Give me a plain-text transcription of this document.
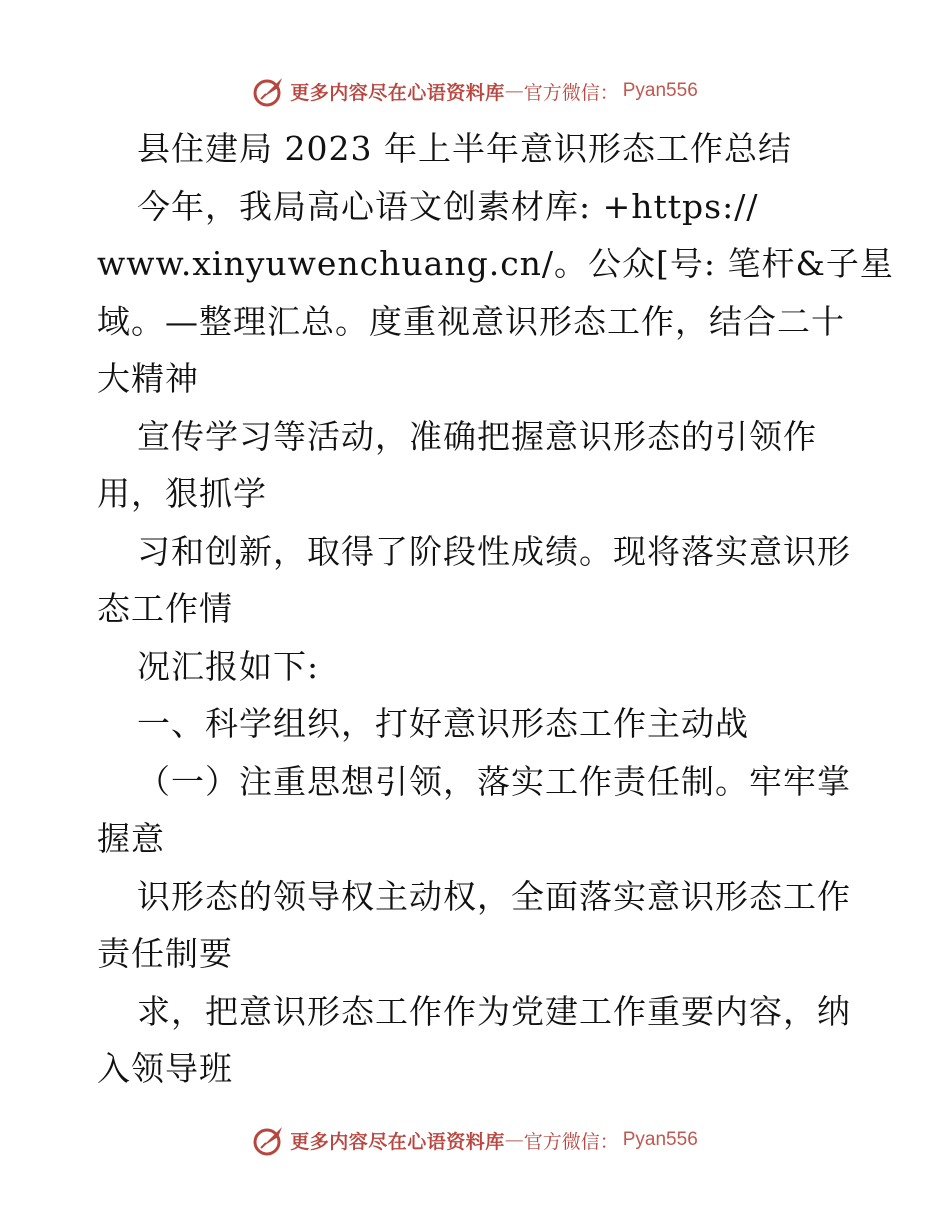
更多内容尽在心语资料库 — 官方微信： Pyan556
县住建局 2023 年上半年意识形态工作总结
今年，我局高心语文创素材库: +https://
www.xinyuwenchuang.cn/。公众[号: 笔杆&子星
域。—整理汇总。度重视意识形态工作，结合二十
大精神
宣传学习等活动，准确把握意识形态的引领作
用，狠抓学
习和创新，取得了阶段性成绩。现将落实意识形
态工作情
况汇报如下:
一、科学组织，打好意识形态工作主动战
（一）注重思想引领，落实工作责任制。牢牢掌
握意
识形态的领导权主动权，全面落实意识形态工作
责任制要
求，把意识形态工作作为党建工作重要内容，纳
入领导班
更多内容尽在心语资料库 — 官方微信： Pyan556
